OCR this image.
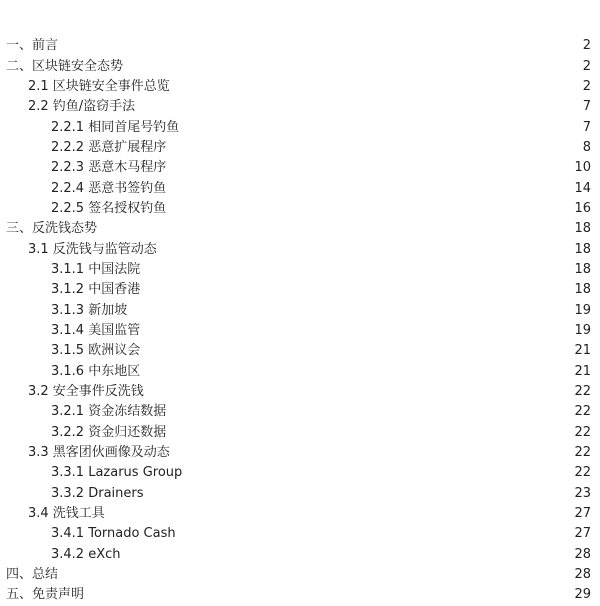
一、前言	2
二、区块链安全态势	2
2.1 区块链安全事件总览	2
2.2 钓鱼/盗窃手法	7
2.2.1 相同首尾号钓鱼	7
2.2.2 恶意扩展程序	8
2.2.3 恶意木马程序	10
2.2.4 恶意书签钓鱼	14
2.2.5 签名授权钓鱼	16
三、反洗钱态势	18
3.1 反洗钱与监管动态	18
3.1.1 中国法院	18
3.1.2 中国香港	18
3.1.3 新加坡	19
3.1.4 美国监管	19
3.1.5 欧洲议会	21
3.1.6 中东地区	21
3.2 安全事件反洗钱	22
3.2.1 资金冻结数据	22
3.2.2 资金归还数据	22
3.3 黑客团伙画像及动态	22
3.3.1 Lazarus Group	22
3.3.2 Drainers	23
3.4 洗钱工具	27
3.4.1 Tornado Cash	27
3.4.2 eXch	28
四、总结	28
五、免责声明	29
